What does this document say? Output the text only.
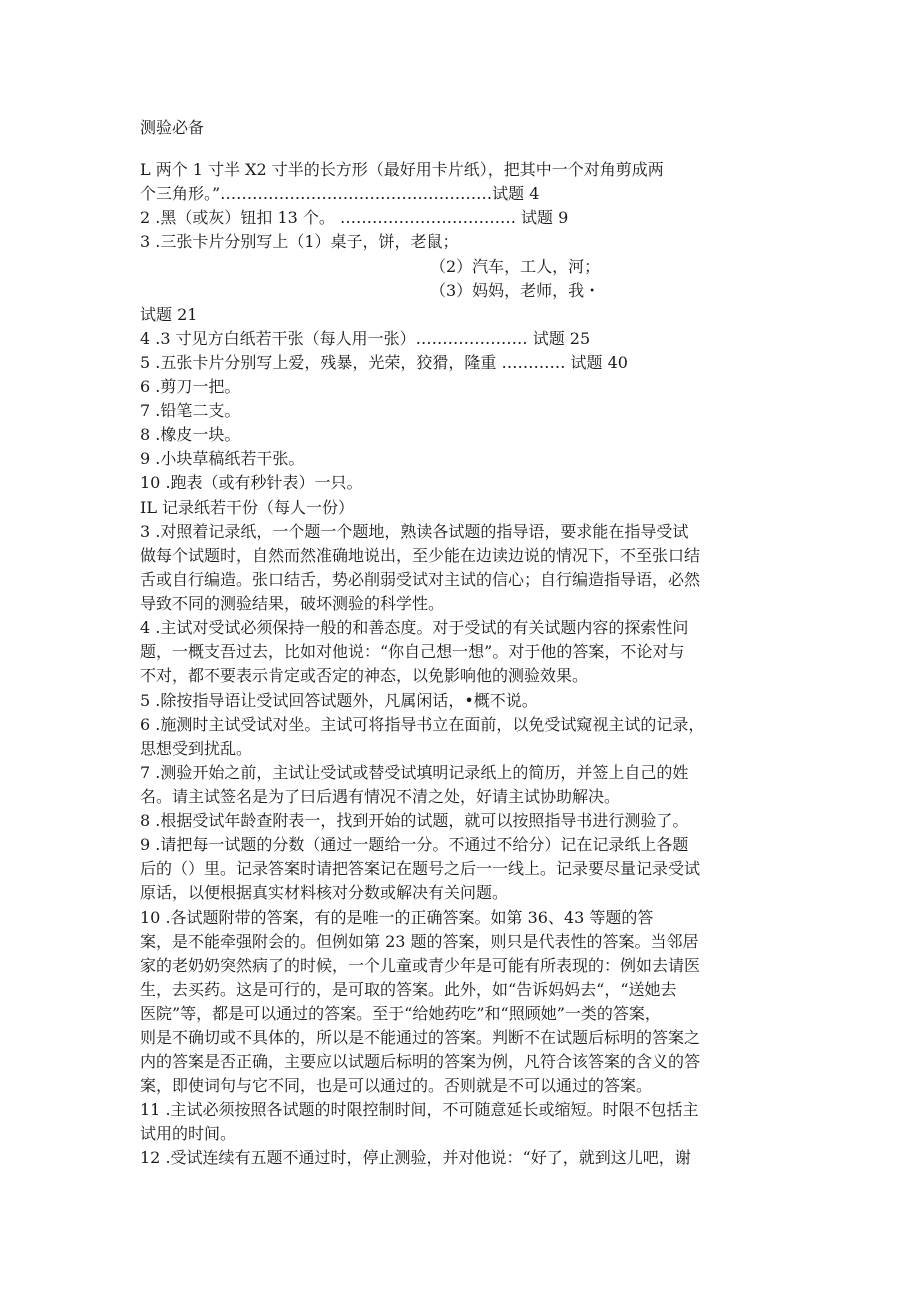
测验必备
L 两个 1 寸半 X2 寸半的长方形（最好用卡片纸），把其中一个对角剪成两
个三角形。”……………………………………………试题 4
2 .黑（或灰）钮扣 13 个。 …………………………… 试题 9
3 .三张卡片分别写上（1）桌子，饼，老鼠；
（2）汽车，工人，河；
（3）妈妈，老师，我・
试题 21
4 .3 寸见方白纸若干张（每人用一张）………………… 试题 25
5 .五张卡片分别写上爱，残暴，光荣，狡猾，隆重 ………… 试题 40
6 .剪刀一把。
7 .铅笔二支。
8 .橡皮一块。
9 .小块草稿纸若干张。
10 .跑表（或有秒针表）一只。
IL 记录纸若干份（每人一份）
3 .对照着记录纸，一个题一个题地，熟读各试题的指导语，要求能在指导受试
做每个试题时，自然而然准确地说出，至少能在边读边说的情况下，不至张口结
舌或自行编造。张口结舌，势必削弱受试对主试的信心；自行编造指导语，必然
导致不同的测验结果，破坏测验的科学性。
4 .主试对受试必须保持一般的和善态度。对于受试的有关试题内容的探索性问
题，一概支吾过去，比如对他说：“你自己想一想”。对于他的答案，不论对与
不对，都不要表示肯定或否定的神态，以免影响他的测验效果。
5 .除按指导语让受试回答试题外，凡属闲话，•概不说。
6 .施测时主试受试对坐。主试可将指导书立在面前，以免受试窥视主试的记录，
思想受到扰乱。
7 .测验开始之前，主试让受试或替受试填明记录纸上的简历，并签上自己的姓
名。请主试签名是为了曰后遇有情况不清之处，好请主试协助解决。
8 .根据受试年龄查附表一，找到开始的试题，就可以按照指导书进行测验了。
9 .请把每一试题的分数（通过一题给一分。不通过不给分）记在记录纸上各题
后的（）里。记录答案时请把答案记在题号之后一一线上。记录要尽量记录受试
原话，以便根据真实材料核对分数或解决有关问题。
10 .各试题附带的答案，有的是唯一的正确答案。如第 36、43 等题的答
案，是不能牵强附会的。但例如第 23 题的答案，则只是代表性的答案。当邻居
家的老奶奶突然病了的时候，一个儿童或青少年是可能有所表现的：例如去请医
生，去买药。这是可行的，是可取的答案。此外，如“告诉妈妈去“，“送她去
医院”等，都是可以通过的答案。至于“给她药吃”和“照顾她”一类的答案，
则是不确切或不具体的，所以是不能通过的答案。判断不在试题后标明的答案之
内的答案是否正确，主要应以试题后标明的答案为例，凡符合该答案的含义的答
案，即使词句与它不同，也是可以通过的。否则就是不可以通过的答案。
11 .主试必须按照各试题的时限控制时间，不可随意延长或缩短。时限不包括主
试用的时间。
12 .受试连续有五题不通过时，停止测验，并对他说：“好了，就到这儿吧，谢
